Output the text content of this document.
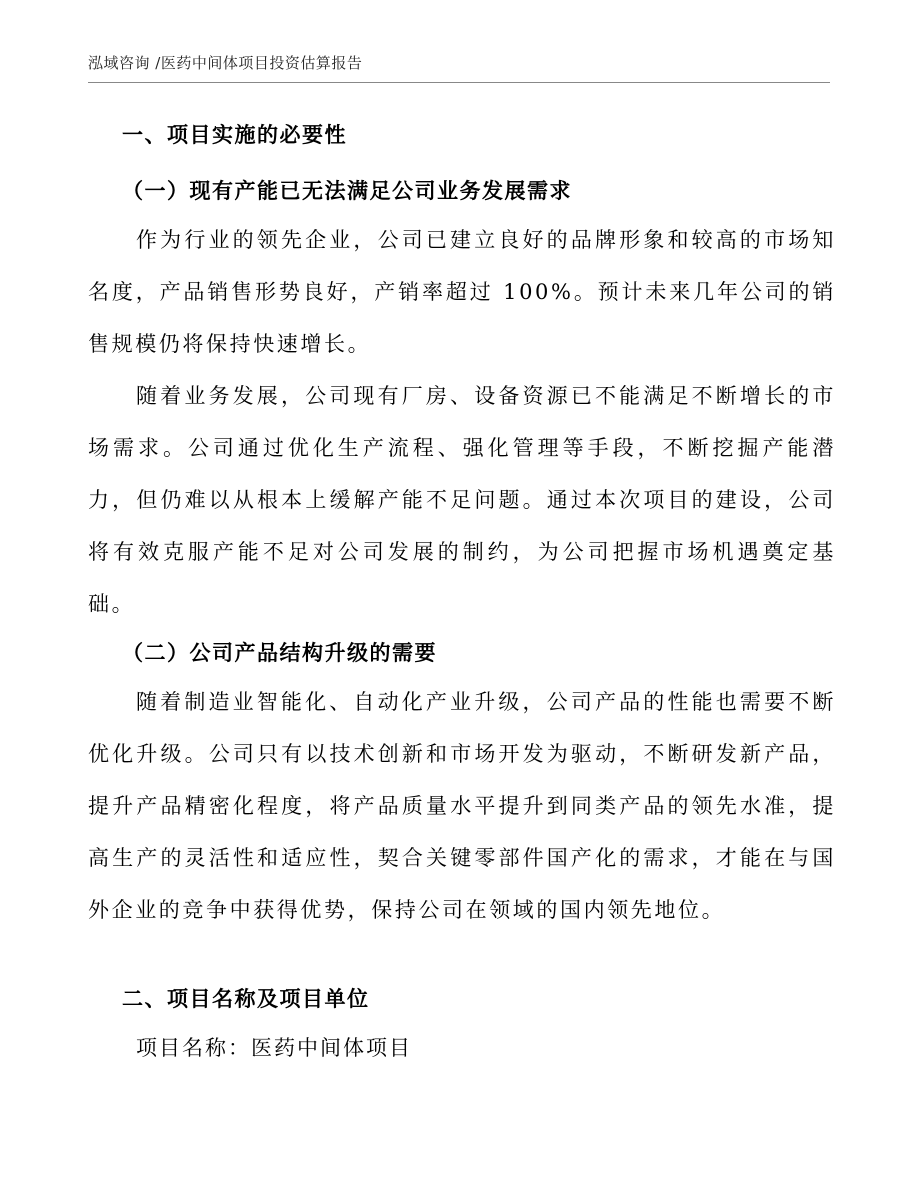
泓域咨询 /医药中间体项目投资估算报告
一、项目实施的必要性
（一）现有产能已无法满足公司业务发展需求

作为行业的领先企业，公司已建立良好的品牌形象和较高的市场知名度，产品销售形势良好，产销率超过 100%。预计未来几年公司的销售规模仍将保持快速增长。

随着业务发展，公司现有厂房、设备资源已不能满足不断增长的市场需求。公司通过优化生产流程、强化管理等手段，不断挖掘产能潜力，但仍难以从根本上缓解产能不足问题。通过本次项目的建设，公司将有效克服产能不足对公司发展的制约，为公司把握市场机遇奠定基础。

（二）公司产品结构升级的需要

随着制造业智能化、自动化产业升级，公司产品的性能也需要不断优化升级。公司只有以技术创新和市场开发为驱动，不断研发新产品，提升产品精密化程度，将产品质量水平提升到同类产品的领先水准，提高生产的灵活性和适应性，契合关键零部件国产化的需求，才能在与国外企业的竞争中获得优势，保持公司在领域的国内领先地位。

二、项目名称及项目单位

项目名称：医药中间体项目
